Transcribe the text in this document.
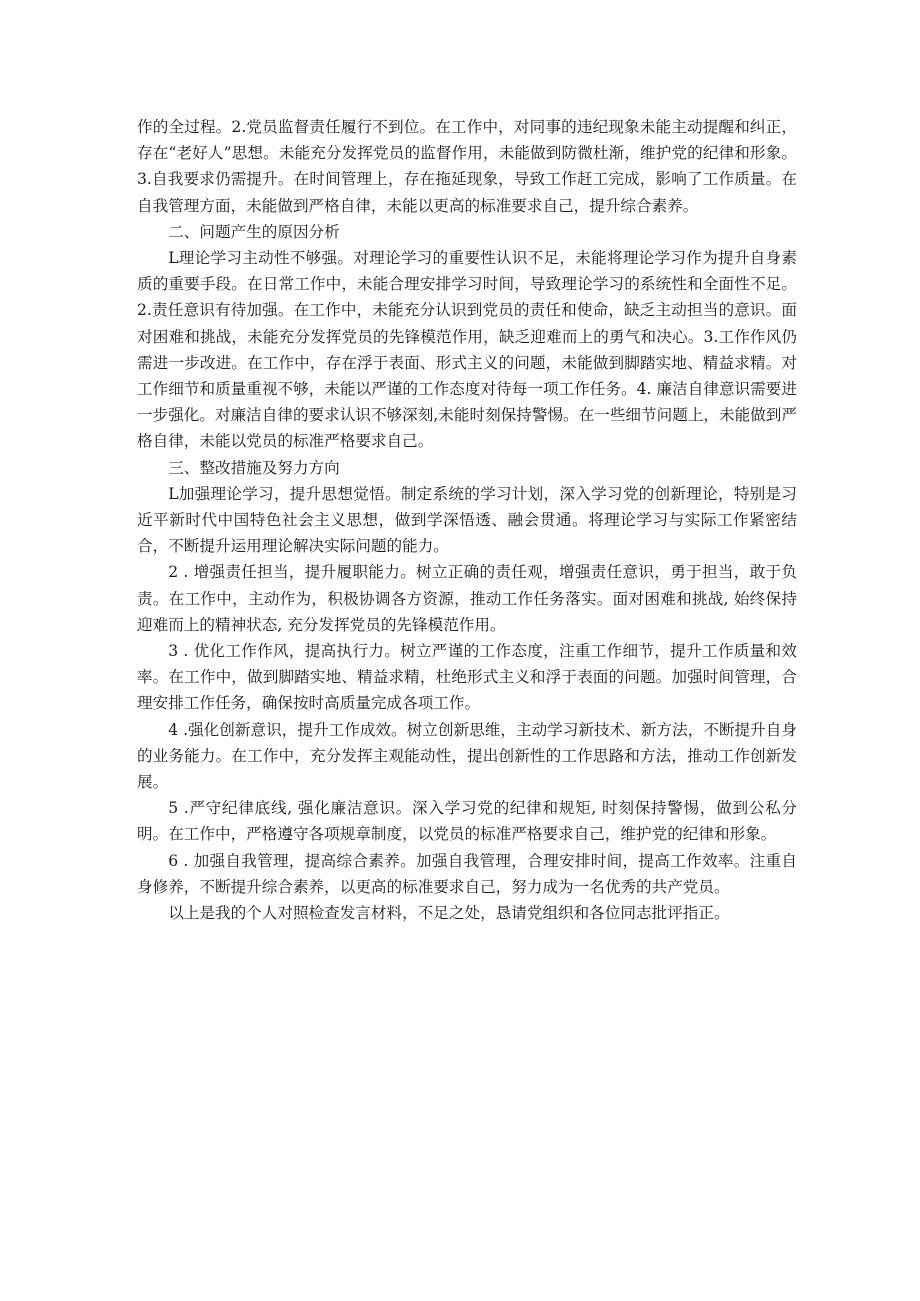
作的全过程。2.党员监督责任履行不到位。在工作中，对同事的违纪现象未能主动提醒和纠正，存在“老好人”思想。未能充分发挥党员的监督作用，未能做到防微杜渐，维护党的纪律和形象。3.自我要求仍需提升。在时间管理上，存在拖延现象，导致工作赶工完成，影响了工作质量。在自我管理方面，未能做到严格自律，未能以更高的标准要求自己，提升综合素养。

二、问题产生的原因分析

L理论学习主动性不够强。对理论学习的重要性认识不足，未能将理论学习作为提升自身素质的重要手段。在日常工作中，未能合理安排学习时间，导致理论学习的系统性和全面性不足。2.责任意识有待加强。在工作中，未能充分认识到党员的责任和使命，缺乏主动担当的意识。面对困难和挑战，未能充分发挥党员的先锋模范作用，缺乏迎难而上的勇气和决心。3.工作作风仍需进一步改进。在工作中，存在浮于表面、形式主义的问题，未能做到脚踏实地、精益求精。对工作细节和质量重视不够，未能以严谨的工作态度对待每一项工作任务。4. 廉洁自律意识需要进一步强化。对廉洁自律的要求认识不够深刻,未能时刻保持警惕。在一些细节问题上，未能做到严格自律，未能以党员的标准严格要求自己。

三、整改措施及努力方向

L加强理论学习，提升思想觉悟。制定系统的学习计划，深入学习党的创新理论，特别是习近平新时代中国特色社会主义思想，做到学深悟透、融会贯通。将理论学习与实际工作紧密结合，不断提升运用理论解决实际问题的能力。

2 . 增强责任担当，提升履职能力。树立正确的责任观，增强责任意识，勇于担当，敢于负责。在工作中，主动作为，积极协调各方资源，推动工作任务落实。面对困难和挑战, 始终保持迎难而上的精神状态, 充分发挥党员的先锋模范作用。

3 . 优化工作作风，提高执行力。树立严谨的工作态度，注重工作细节，提升工作质量和效率。在工作中，做到脚踏实地、精益求精，杜绝形式主义和浮于表面的问题。加强时间管理，合理安排工作任务，确保按时高质量完成各项工作。

4 .强化创新意识，提升工作成效。树立创新思维，主动学习新技术、新方法，不断提升自身的业务能力。在工作中，充分发挥主观能动性，提出创新性的工作思路和方法，推动工作创新发展。

5 .严守纪律底线, 强化廉洁意识。深入学习党的纪律和规矩, 时刻保持警惕，做到公私分明。在工作中，严格遵守各项规章制度，以党员的标准严格要求自己，维护党的纪律和形象。

6 . 加强自我管理，提高综合素养。加强自我管理，合理安排时间，提高工作效率。注重自身修养，不断提升综合素养，以更高的标准要求自己，努力成为一名优秀的共产党员。

以上是我的个人对照检查发言材料，不足之处，恳请党组织和各位同志批评指正。
